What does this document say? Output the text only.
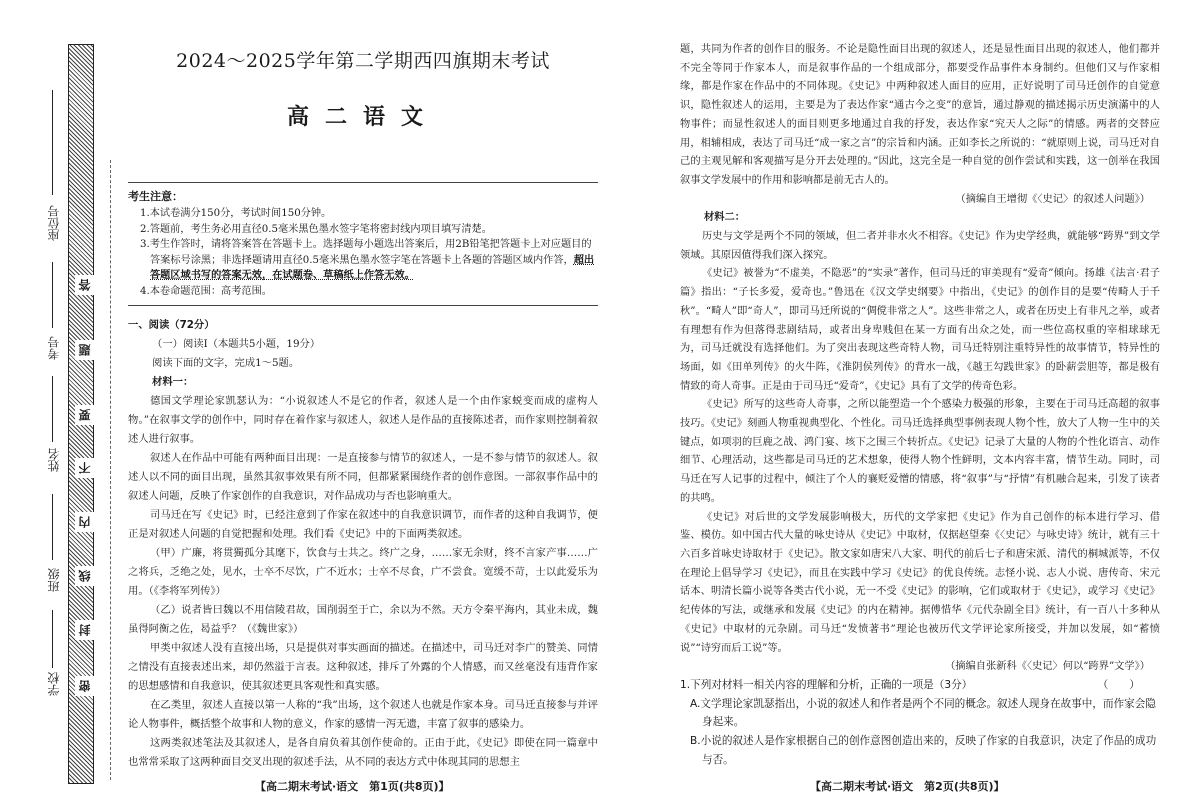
答
题
要
不
内
线
封
密
座位号
考号
姓名
班级
学校
2024～2025学年第二学期西四旗期末考试
高二语文
考生注意：
1.本试卷满分150分，考试时间150分钟。
2.答题前，考生务必用直径0.5毫米黑色墨水签字笔将密封线内项目填写清楚。
3.考生作答时，请将答案答在答题卡上。选择题每小题选出答案后，用2B铅笔把答题卡上对应题目的答案标号涂黑；非选择题请用直径0.5毫米黑色墨水签字笔在答题卡上各题的答题区域内作答，超出答题区域书写的答案无效，在试题卷、草稿纸上作答无效。
4.本卷命题范围：高考范围。
一、阅读（72分）
（一）阅读Ⅰ（本题共5小题，19分）
阅读下面的文字，完成1～5题。
材料一：
德国文学理论家凯瑟认为：“小说叙述人不是它的作者，叙述人是一个由作家蜕变而成的虚构人物。”在叙事文学的创作中，同时存在着作家与叙述人，叙述人是作品的直接陈述者，而作家则控制着叙述人进行叙事。
叙述人在作品中可能有两种面目出现：一是直接参与情节的叙述人，一是不参与情节的叙述人。叙述人以不同的面目出现，虽然其叙事效果有所不同，但都紧紧围绕作者的创作意图。一部叙事作品中的叙述人问题，反映了作家创作的自我意识，对作品成功与否也影响重大。
司马迁在写《史记》时，已经注意到了作家在叙述中的自我意识调节，而作者的这种自我调节，便正是对叙述人问题的自觉把握和处理。我们看《史记》中的下面两类叙述。
（甲）广廉，将贯獨孤分其麾下，饮食与士共之。终广之身，……家无余财，终不言家产事……广之将兵，乏绝之处，见水，士卒不尽饮，广不近水；士卒不尽食，广不尝食。宽缓不苛，士以此爱乐为用。（《李将军列传》）
（乙）说者皆曰魏以不用信陵君故，国削弱至于亡，余以为不然。天方令秦平海内，其业未成，魏虽得阿衡之佐，曷益乎？（《魏世家》）
甲类中叙述人没有直接出场，只是提供对事实画面的描述。在描述中，司马迁对李广的赞美、同情之情没有直接表述出来，却仍然溢于言表。这种叙述，排斥了外露的个人情感，而又丝毫没有违背作家的思想感情和自我意识，使其叙述更具客观性和真实感。
在乙类里，叙述人直接以第一人称的“我”出场，这个叙述人也就是作家本身。司马迁直接参与并评论人物事件，概括整个故事和人物的意义，作家的感情一泻无遗，丰富了叙事的感染力。
这两类叙述笔法及其叙述人，是各自肩负着其创作使命的。正由于此，《史记》即使在同一篇章中也常常采取了这两种面目交叉出现的叙述手法，从不同的表达方式中体现其同的思想主
【高二期末考试·语文　第1页(共8页)】
题，共同为作者的创作目的服务。不论是隐性面目出现的叙述人，还是显性面目出现的叙述人，他们都并不完全等同于作家本人，而是叙事作品的一个组成部分，都要受作品事件本身制约。但他们又与作家相缘，都是作家在作品中的不同体现。《史记》中两种叙述人面目的应用，正好说明了司马迁创作的自觉意识，隐性叙述人的运用，主要是为了表达作家“通古今之变”的意旨，通过静观的描述揭示历史演滿中的人物事件；而显性叙述人的面目则更多地通过自我的抒发，表达作家“究天人之际”的情感。两者的交替应用，相辅相成，表达了司马迁“成一家之言”的宗旨和内涵。正如李长之所说的：“就原则上说，司马迁对自己的主观见解和客观描写是分开去处理的。”因此，这完全是一种自觉的创作尝试和实践，这一创举在我国叙事文学发展中的作用和影响都是前无古人的。
（摘编自王增彻《〈史记〉的叙述人问题》）
材料二：
历史与文学是两个不同的领域，但二者并非水火不相容。《史记》作为史学经典，就能够“跨界”到文学领域。其原因值得我们深入探究。
《史记》被誉为“不虚美，不隐恶”的“实录”著作，但司马迁的审美现有“爱奇”倾向。扬雄《法言·君子篇》指出：“子长多爱，爱奇也。”鲁迅在《汉文学史纲要》中指出，《史记》的创作目的是要“传畸人于千秋”。“畸人”即“奇人”，即司马迁所说的“倜傥非常之人”。这些非常之人，或者在历史上有非凡之举，或者有理想有作为但落得悲剧结局，或者出身卑贱但在某一方面有出众之处，而一些位高权重的宰相球球无为，司马迁就没有选择他们。为了突出表现这些奇特人物，司马迁特别注重特异性的故事情节，特异性的场面，如《田单列传》的火牛阵，《淮阴侯列传》的背水一战，《越王勾践世家》的卧薪尝胆等，都是极有情致的奇人奇事。正是由于司马迁“爱奇”，《史记》具有了文学的传奇色彩。
《史记》所写的这些奇人奇事，之所以能塑造一个个感染力极强的形象，主要在于司马迁高超的叙事技巧。《史记》刻画人物重视典型化、个性化。司马迁选择典型事例表现人物个性，放大了人物一生中的关键点，如项羽的巨鹿之战、鸿门宴、垓下之围三个转折点。《史记》记录了大量的人物的个性化语言、动作细节、心理活动，这些都是司马迁的艺术想象，使得人物个性鲜明，文本内容丰富，情节生动。同时，司马迁在写人记事的过程中，倾注了个人的襄贬爱憎的情感，将“叙事”与“抒情”有机融合起来，引发了读者的共鸣。
《史记》对后世的文学发展影响极大，历代的文学家把《史记》作为自己创作的标本进行学习、借鉴、模仿。如中国古代大量的咏史诗从《史记》中取材，仅据赵望秦《〈史记〉与咏史诗》统计，就有三十六百多首咏史诗取材于《史记》。散文家如唐宋八大家、明代的前后七子和唐宋派、清代的桐城派等，不仅在理论上倡导学习《史记》，而且在实践中学习《史记》的优良传统。志怪小说、志人小说、唐传奇、宋元话本、明清长篇小说等各类古代小说，无一不受《史记》的影响，它们或取材于《史记》，或学习《史记》纪传体的写法，或继承和发展《史记》的内在精神。据傅惜华《元代杂剧全目》统计，有一百八十多种从《史记》中取材的元杂剧。司马迁“发愤著书”理论也被历代文学评论家所接受，并加以发展，如“蓄愤说”“诗穷而后工说”等。
（摘编自张新科《〈史记〉何以“跨界”文学》）
1.下列对材料一相关内容的理解和分析，正确的一项是（3分）	（　　）
A.文学理论家凯瑟指出，小说的叙述人和作者是两个不同的概念。叙述人现身在故事中，而作家会隐身起来。
B.小说的叙述人是作家根据自己的创作意图创造出来的，反映了作家的自我意识，决定了作品的成功与否。
【高二期末考试·语文　第2页(共8页)】
